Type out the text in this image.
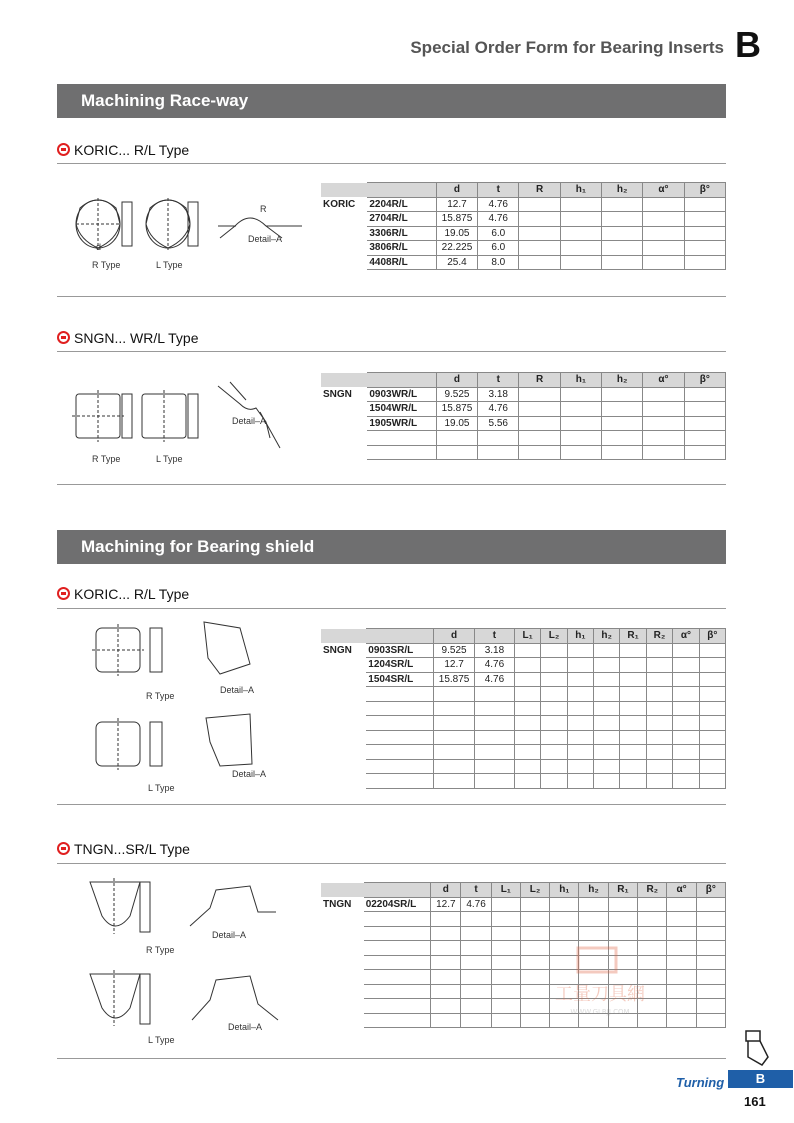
Special Order Form for Bearing Inserts B
Machining Race-way
KORIC... R/L Type
R Type	L Type
d
Detail–A
R
		d	t	R	h₁	h₂	α°	β°
KORIC	2204R/L	12.7	4.76					
	2704R/L	15.875	4.76					
	3306R/L	19.05	6.0					
	3806R/L	22.225	6.0					
	4408R/L	25.4	8.0					
SNGN... WR/L Type
R Type	L Type
Detail–A
		d	t	R	h₁	h₂	α°	β°
SNGN	0903WR/L	9.525	3.18					
	1504WR/L	15.875	4.76					
	1905WR/L	19.05	5.56					

Machining for Bearing shield
KORIC... R/L Type
R Type
Detail–A
L Type
Detail–A
		d	t	L₁	L₂	h₁	h₂	R₁	R₂	α°	β°
SNGN	0903SR/L	9.525	3.18								
	1204SR/L	12.7	4.76								
	1504SR/L	15.875	4.76								

TNGN...SR/L Type
R Type
Detail–A
L Type
Detail–A
		d	t	L₁	L₂	h₁	h₂	R₁	R₂	α°	β°
TNGN	02204SR/L	12.7	4.76								

工量刀具網
WWW.GLRJJ.COM
Turning	B
161
